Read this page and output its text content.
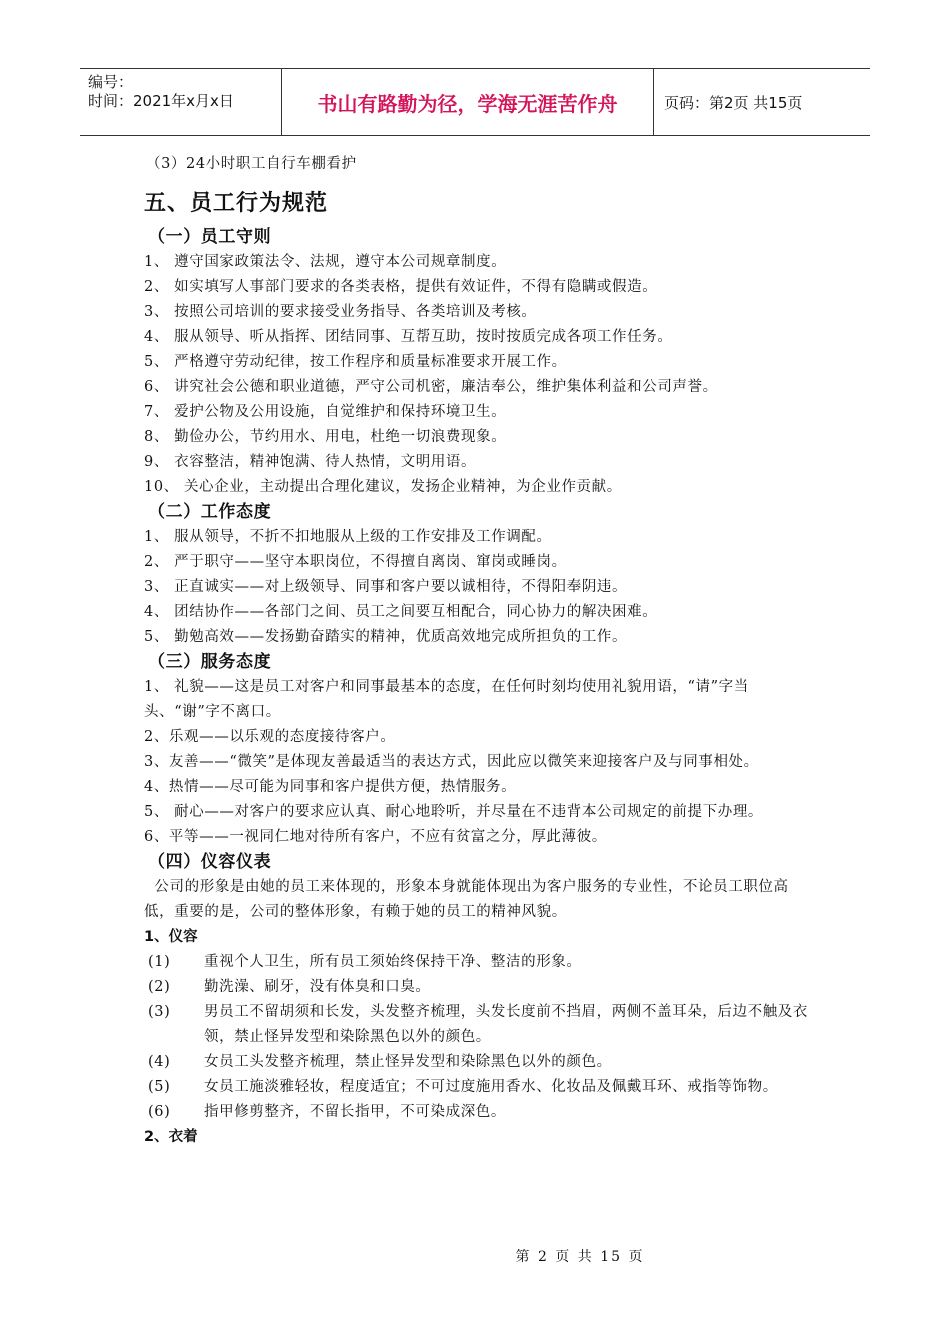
编号：
时间：2021年x月x日	书山有路勤为径，学海无涯苦作舟	页码：第2页 共15页
（3）24小时职工自行车棚看护
五、员工行为规范
（一）员工守则
1、 遵守国家政策法令、法规，遵守本公司规章制度。
2、 如实填写人事部门要求的各类表格，提供有效证件，不得有隐瞒或假造。
3、 按照公司培训的要求接受业务指导、各类培训及考核。
4、 服从领导、听从指挥、团结同事、互帮互助，按时按质完成各项工作任务。
5、 严格遵守劳动纪律，按工作程序和质量标准要求开展工作。
6、 讲究社会公德和职业道德，严守公司机密，廉洁奉公，维护集体利益和公司声誉。
7、 爱护公物及公用设施，自觉维护和保持环境卫生。
8、 勤俭办公，节约用水、用电，杜绝一切浪费现象。
9、 衣容整洁，精神饱满、待人热情，文明用语。
10、 关心企业，主动提出合理化建议，发扬企业精神，为企业作贡献。
（二）工作态度
1、 服从领导，不折不扣地服从上级的工作安排及工作调配。
2、 严于职守——坚守本职岗位，不得擅自离岗、窜岗或睡岗。
3、 正直诚实——对上级领导、同事和客户要以诚相待，不得阳奉阴违。
4、 团结协作——各部门之间、员工之间要互相配合，同心协力的解决困难。
5、 勤勉高效——发扬勤奋踏实的精神，优质高效地完成所担负的工作。
（三）服务态度
1、 礼貌——这是员工对客户和同事最基本的态度，在任何时刻均使用礼貌用语，“请”字当头、“谢”字不离口。
2、乐观——以乐观的态度接待客户。
3、友善——“微笑”是体现友善最适当的表达方式，因此应以微笑来迎接客户及与同事相处。
4、热情——尽可能为同事和客户提供方便，热情服务。
5、 耐心——对客户的要求应认真、耐心地聆听，并尽量在不违背本公司规定的前提下办理。
6、平等——一视同仁地对待所有客户，不应有贫富之分，厚此薄彼。
（四）仪容仪表
公司的形象是由她的员工来体现的，形象本身就能体现出为客户服务的专业性，不论员工职位高低，重要的是，公司的整体形象，有赖于她的员工的精神风貌。
1、仪容
(1)	重视个人卫生，所有员工须始终保持干净、整洁的形象。
(2)	勤洗澡、刷牙，没有体臭和口臭。
(3)	男员工不留胡须和长发，头发整齐梳理，头发长度前不挡眉，两侧不盖耳朵，后边不触及衣领，禁止怪异发型和染除黑色以外的颜色。
(4)	女员工头发整齐梳理，禁止怪异发型和染除黑色以外的颜色。
(5)	女员工施淡雅轻妆，程度适宜；不可过度施用香水、化妆品及佩戴耳环、戒指等饰物。
(6)	指甲修剪整齐，不留长指甲，不可染成深色。
2、衣着
第 2 页 共 15 页
